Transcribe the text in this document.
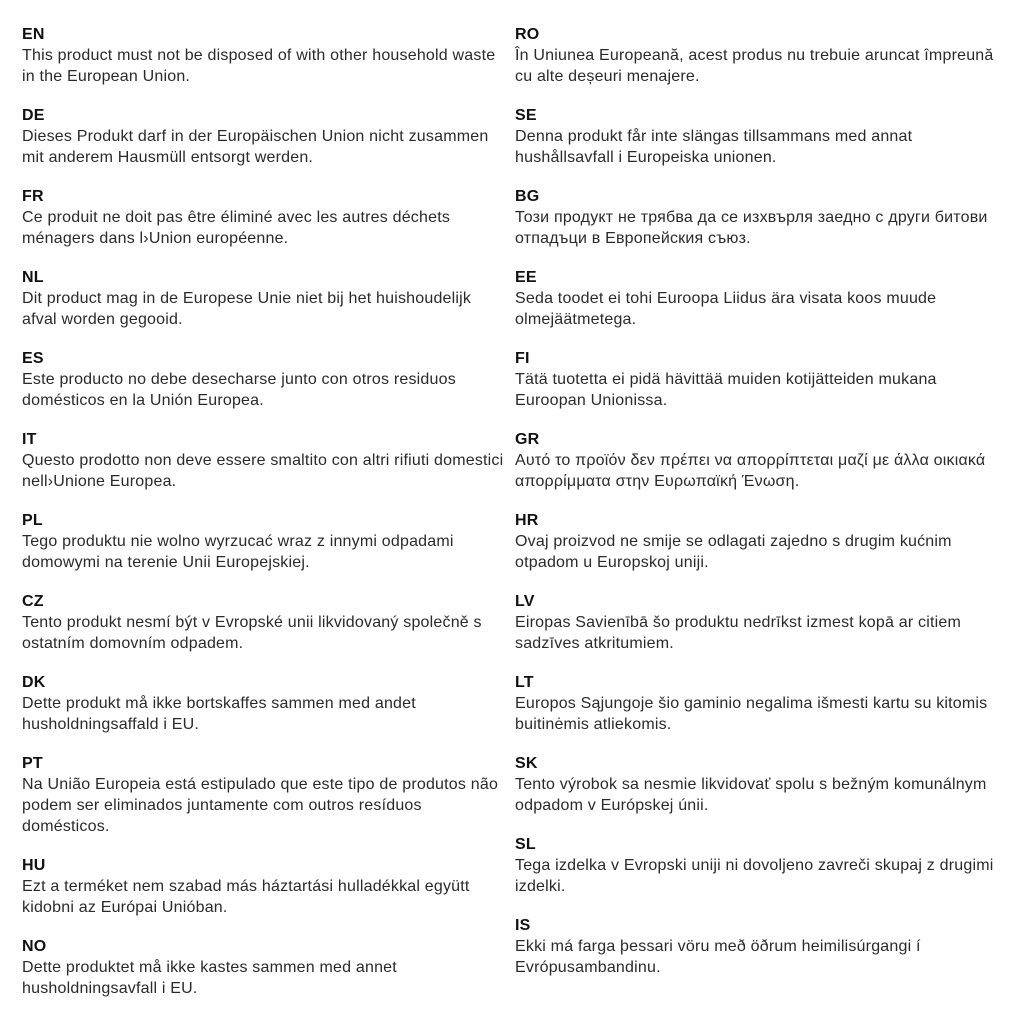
EN
This product must not be disposed of with other household waste in the European Union.
DE
Dieses Produkt darf in der Europäischen Union nicht zusammen mit anderem Hausmüll entsorgt werden.
FR
Ce produit ne doit pas être éliminé avec les autres déchets ménagers dans l›Union européenne.
NL
Dit product mag in de Europese Unie niet bij het huishoudelijk afval worden gegooid.
ES
Este producto no debe desecharse junto con otros residuos domésticos en la Unión Europea.
IT
Questo prodotto non deve essere smaltito con altri rifiuti domestici nell›Unione Europea.
PL
Tego produktu nie wolno wyrzucać wraz z innymi odpadami domowymi na terenie Unii Europejskiej.
CZ
Tento produkt nesmí být v Evropské unii likvidovaný společně s ostatním domovním odpadem.
DK
Dette produkt må ikke bortskaffes sammen med andet husholdningsaffald i EU.
PT
Na União Europeia está estipulado que este tipo de produtos não podem ser eliminados juntamente com outros resíduos domésticos.
HU
Ezt a terméket nem szabad más háztartási hulladékkal együtt kidobni az Európai Unióban.
NO
Dette produktet må ikke kastes sammen med annet husholdningsavfall i EU.
RO
În Uniunea Europeană, acest produs nu trebuie aruncat împreună cu alte deșeuri menajere.
SE
Denna produkt får inte slängas tillsammans med annat hushållsavfall i Europeiska unionen.
BG
Този продукт не трябва да се изхвърля заедно с други битови отпадъци в Европейския съюз.
EE
Seda toodet ei tohi Euroopa Liidus ära visata koos muude olmejäätmetega.
FI
Tätä tuotetta ei pidä hävittää muiden kotijätteiden mukana Euroopan Unionissa.
GR
Αυτό το προϊόν δεν πρέπει να απορρίπτεται μαζί με άλλα οικιακά απορρίμματα στην Ευρωπαϊκή Ένωση.
HR
Ovaj proizvod ne smije se odlagati zajedno s drugim kućnim otpadom u Europskoj uniji.
LV
Eiropas Savienībā šo produktu nedrīkst izmest kopā ar citiem sadzīves atkritumiem.
LT
Europos Sąjungoje šio gaminio negalima išmesti kartu su kitomis buitinėmis atliekomis.
SK
Tento výrobok sa nesmie likvidovať spolu s bežným komunálnym odpadom v Európskej únii.
SL
Tega izdelka v Evropski uniji ni dovoljeno zavreči skupaj z drugimi izdelki.
IS
Ekki má farga þessari vöru með öðrum heimilisúrgangi í Evrópusambandinu.
